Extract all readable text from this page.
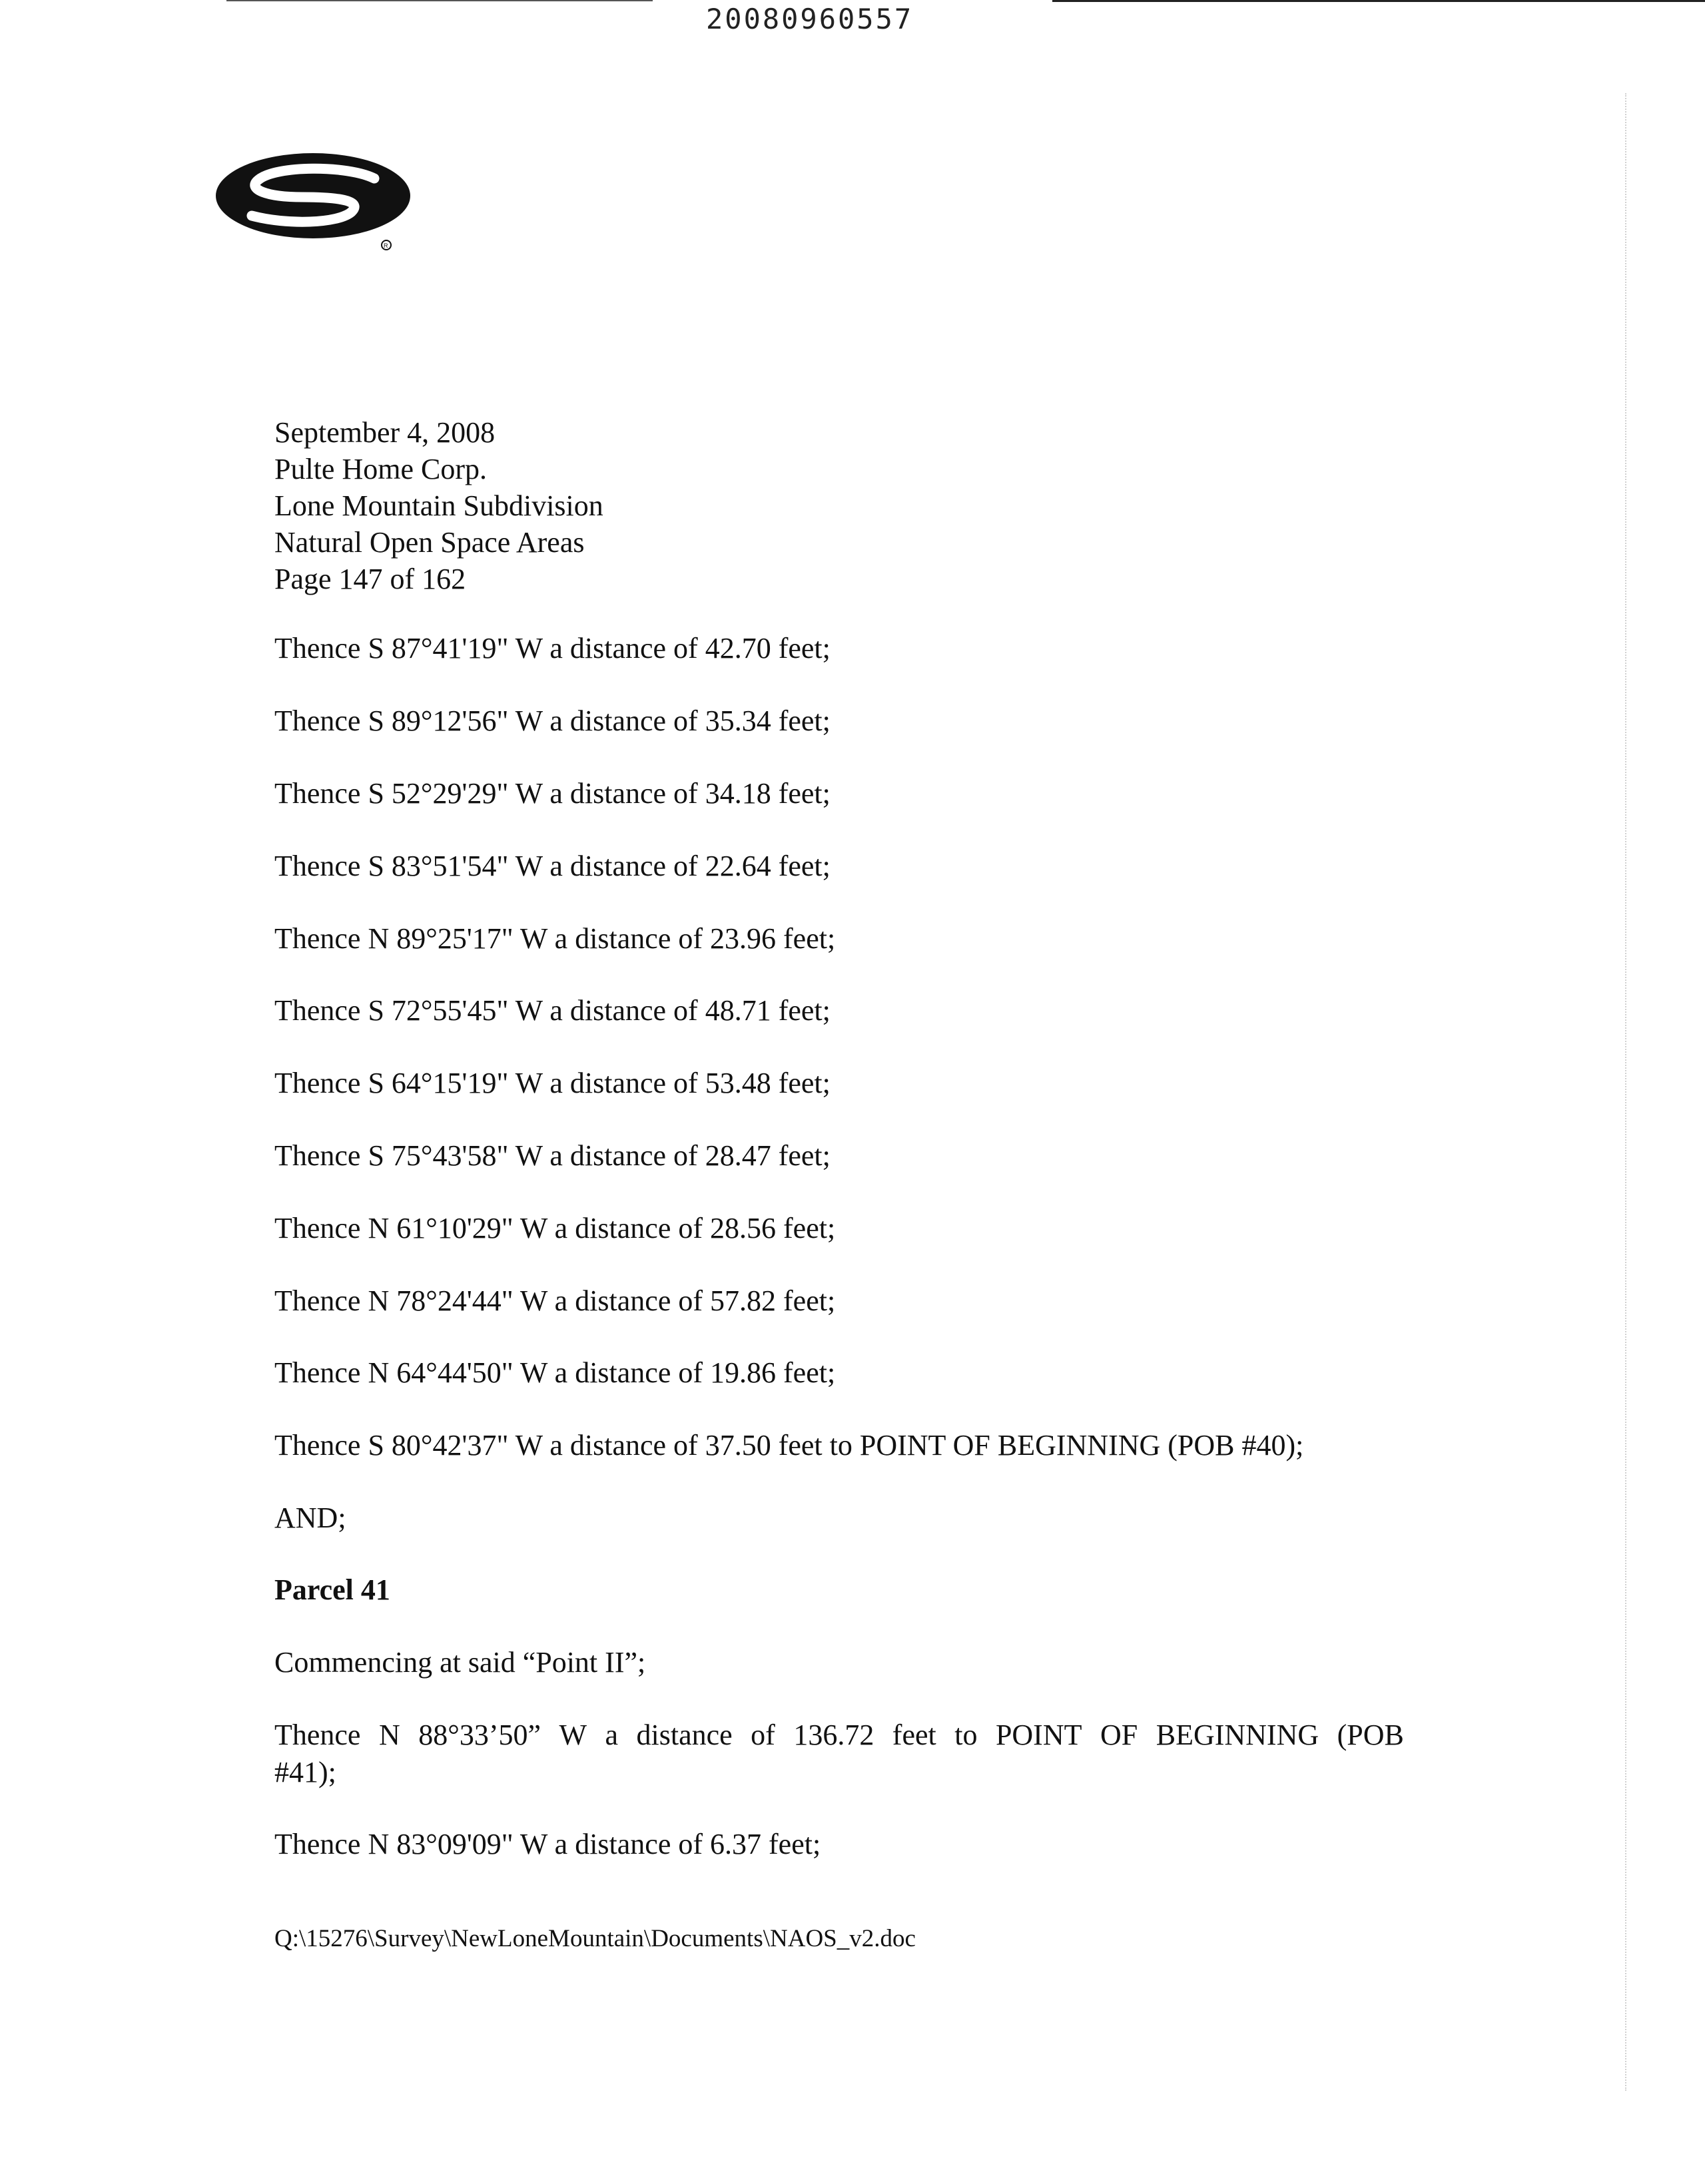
20080960557
R
September 4, 2008
Pulte Home Corp.
Lone Mountain Subdivision
Natural Open Space Areas
Page 147 of 162
Thence S 87°41'19" W a distance of 42.70 feet;
Thence S 89°12'56" W a distance of 35.34 feet;
Thence S 52°29'29" W a distance of 34.18 feet;
Thence S 83°51'54" W a distance of 22.64 feet;
Thence N 89°25'17" W a distance of 23.96 feet;
Thence S 72°55'45" W a distance of 48.71 feet;
Thence S 64°15'19" W a distance of 53.48 feet;
Thence S 75°43'58" W a distance of 28.47 feet;
Thence N 61°10'29" W a distance of 28.56 feet;
Thence N 78°24'44" W a distance of 57.82 feet;
Thence N 64°44'50" W a distance of 19.86 feet;
Thence S 80°42'37" W a distance of 37.50 feet to POINT OF BEGINNING (POB #40);
AND;
Parcel 41
Commencing at said “Point II”;
Thence N 88°33’50” W a distance of 136.72 feet to POINT OF BEGINNING (POB
#41);
Thence N 83°09'09" W a distance of 6.37 feet;
Q:\15276\Survey\NewLoneMountain\Documents\NAOS_v2.doc
